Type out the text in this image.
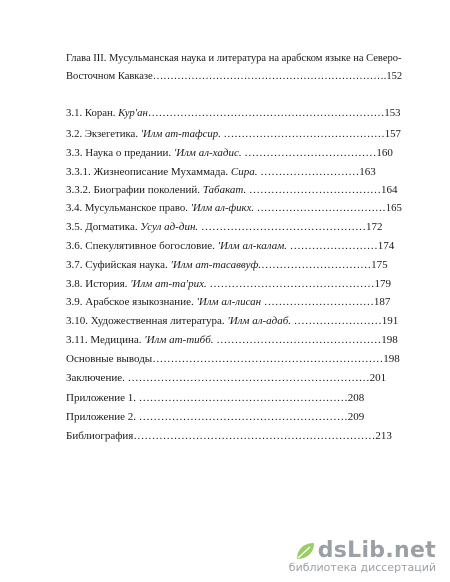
Глава III. Мусульманская наука и литература на арабском языке на Северо-
Восточном Кавказе………………………………………………………….152
3.1. Коран. Кур'ан…………………………………………………………153
3.2. Экзегетика. 'Илм ат-тафсир. ………………………………………157
3.3. Наука о предании. 'Илм ал-хадис. ………………………………160
3.3.1. Жизнеописание Мухаммада. Сира. ………………………163
3.3.2. Биографии поколений. Табакат. ………………………………164
3.4. Мусульманское право. 'Илм ал-фикх. ………………………………165
3.5. Догматика. Усул ад-дин. ………………………………………172
3.6. Спекулятивное богословие. 'Илм ал-калам. ……………………174
3.7. Суфийская наука. 'Илм ат-тасаввуф.…………………………175
3.8. История. 'Илм ат-та'рих. ………………………………………179
3.9. Арабское языкознание. 'Илм ал-лисан …………………………187
3.10. Художественная литература. 'Илм ал-адаб. ……………………191
3.11. Медицина. 'Илм ат-тибб. ………………………………………198
Основные выводы………………………………………………………198
Заключение. …………………………………………………………201
Приложение 1. …………………………………………………208
Приложение 2. …………………………………………………209
Библиография…………………………………………………………213
dsLib.net
библиотека диссертаций
